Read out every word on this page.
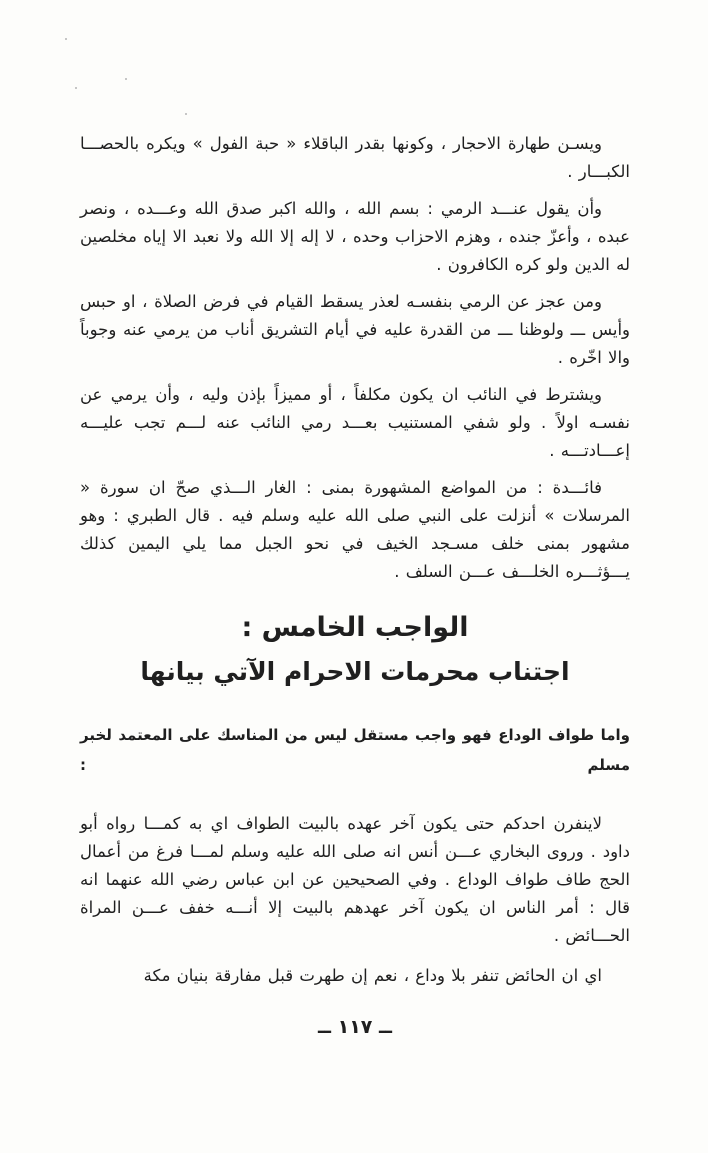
ويسـن طهارة الاحجار ، وكونها بقدر الباقلاء « حبة الفول » ويكره بالحصـــا الكبـــار .

وأن يقول عنـــد الرمي : بسم الله ، والله اكبر صدق الله وعـــده ، ونصر عبده ، وأعزّ جنده ، وهزم الاحزاب وحده ، لا إله إلا الله ولا نعبد الا إياه مخلصين له الدين ولو كره الكافرون .

ومن عجز عن الرمي بنفسـه لعذر يسقط القيام في فرض الصلاة ، او حبس وأيس ـــ ولوظنا ـــ من القدرة عليه في أيام التشريق أناب من يرمي عنه وجوباً والا اخّره .

ويشترط في النائب ان يكون مكلفاً ، أو مميزاً بإذن وليه ، وأن يرمي عن نفسـه اولاً . ولو شفي المستنيب بعـــد رمي النائب عنه لـــم تجب عليـــه إعـــادتـــه .

فائـــدة : من المواضع المشهورة بمنى : الغار الـــذي صحّ ان سورة « المرسلات » أنزلت على النبي صلى الله عليه وسلم فيه . قال الطبري : وهو مشهور بمنى خلف مسـجد الخيف في نحو الجبل مما يلي اليمين كذلك يـــؤثـــره الخلـــف عـــن السلف .

الواجب الخامس :
اجتناب محرمات الاحرام الآتي بيانها

واما طواف الوداع فهو واجب مستقل ليس من المناسك على المعتمد لخبر مسلم :

لاينفرن احدكم حتى يكون آخر عهده بالبيت الطواف اي به كمـــا رواه أبو داود . وروى البخاري عـــن أنس انه صلى الله عليه وسلم لمـــا فرغ من أعمال الحج طاف طواف الوداع . وفي الصحيحين عن ابن عباس رضي الله عنهما انه قال : أمر الناس ان يكون آخر عهدهم بالبيت إلا أنـــه خفف عـــن المراة الحـــائض .

اي ان الحائض تنفر بلا وداع ، نعم إن طهرت قبل مفارقة بنيان مكة

ــ ١١٧ ــ
